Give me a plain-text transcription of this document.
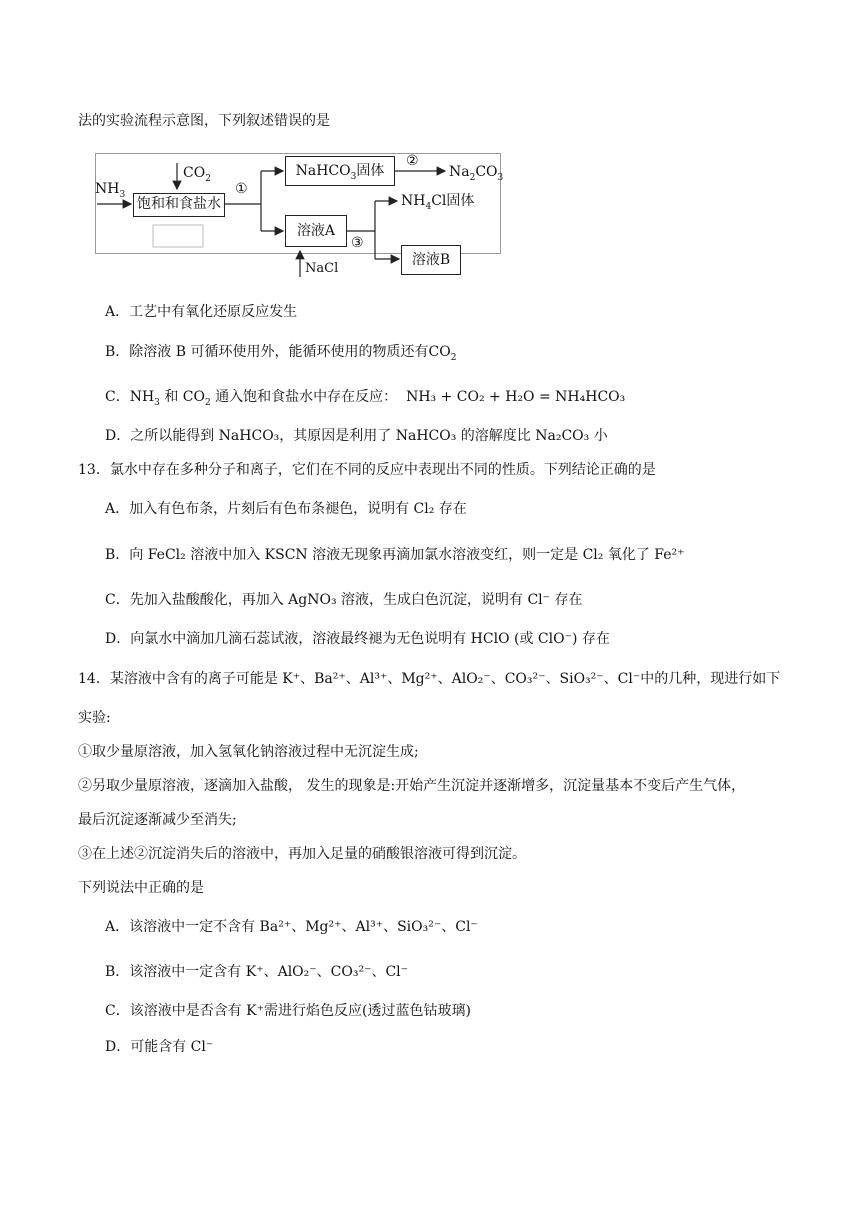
法的实验流程示意图，下列叙述错误的是
$NH_3$
$CO_2$
饱和和食盐水
①
NaHCO$_3$固体
②
$Na_2CO_3$
溶液A
$NH_4Cl$固体
③
溶液B
NaCl
A．工艺中有氧化还原反应发生
B．除溶液 B 可循环使用外，能循环使用的物质还有$CO_2$
C．$NH_3$ 和 $CO_2$ 通入饱和食盐水中存在反应： NH₃ + CO₂ + H₂O = NH₄HCO₃
D．之所以能得到 NaHCO₃，其原因是利用了 NaHCO₃ 的溶解度比 Na₂CO₃ 小
13．氯水中存在多种分子和离子，它们在不同的反应中表现出不同的性质。下列结论正确的是
A．加入有色布条，片刻后有色布条褪色，说明有 Cl₂ 存在
B．向 FeCl₂ 溶液中加入 KSCN 溶液无现象再滴加氯水溶液变红，则一定是 Cl₂ 氧化了 Fe²⁺
C．先加入盐酸酸化，再加入 AgNO₃ 溶液，生成白色沉淀，说明有 Cl⁻ 存在
D．向氯水中滴加几滴石蕊试液，溶液最终褪为无色说明有 HClO (或 ClO⁻) 存在
14．某溶液中含有的离子可能是 K⁺、Ba²⁺、Al³⁺、Mg²⁺、AlO₂⁻、CO₃²⁻、SiO₃²⁻、Cl⁻中的几种，现进行如下
实验:
①取少量原溶液，加入氢氧化钠溶液过程中无沉淀生成;
②另取少量原溶液，逐滴加入盐酸， 发生的现象是:开始产生沉淀并逐渐增多，沉淀量基本不变后产生气体，
最后沉淀逐渐减少至消失;
③在上述②沉淀消失后的溶液中，再加入足量的硝酸银溶液可得到沉淀。
下列说法中正确的是
A．该溶液中一定不含有 Ba²⁺、Mg²⁺、Al³⁺、SiO₃²⁻、Cl⁻
B．该溶液中一定含有 K⁺、AlO₂⁻、CO₃²⁻、Cl⁻
C．该溶液中是否含有 K⁺需进行焰色反应(透过蓝色钴玻璃)
D．可能含有 Cl⁻
